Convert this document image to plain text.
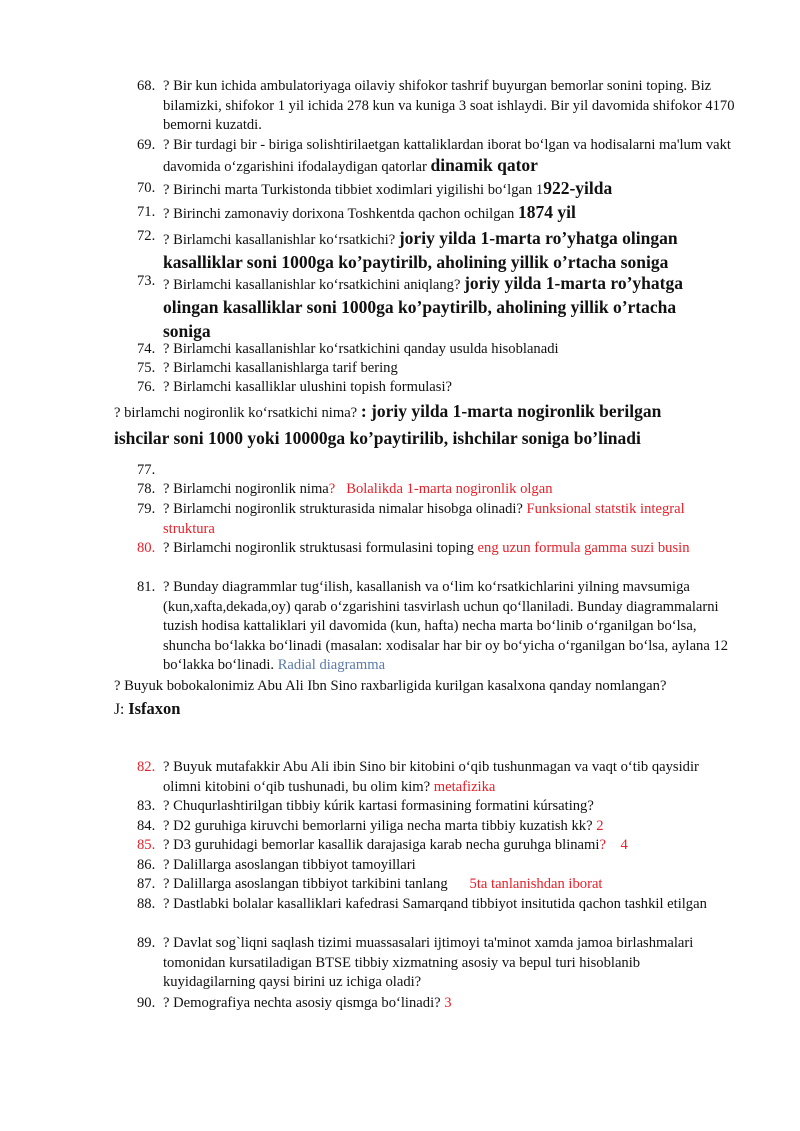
68. ? Bir kun ichida ambulatoriyaga oilaviy shifokor tashrif buyurgan bemorlar sonini toping. Biz bilamizki, shifokor 1 yil ichida 278 kun va kuniga 3 soat ishlaydi. Bir yil davomida shifokor 4170 bemorni kuzatdi.
69. ? Bir turdagi bir - biriga solishtirilaetgan kattaliklardan iborat bo‘lgan va hodisalarni ma'lum vakt davomida o‘zgarishini ifodalaydigan qatorlar dinamik qator
70. ? Birinchi marta Turkistonda tibbiet xodimlari yigilishi bo‘lgan 1922-yilda
71. ? Birinchi zamonaviy dorixona Toshkentda qachon ochilgan 1874 yil
72. ? Birlamchi kasallanishlar ko‘rsatkichi? joriy yilda 1-marta ro’yhatga olingan
kasalliklar soni 1000ga ko’paytirilb, aholining yillik o’rtacha soniga
73. ? Birlamchi kasallanishlar ko‘rsatkichini aniqlang? joriy yilda 1-marta ro’yhatga
olingan kasalliklar soni 1000ga ko’paytirilb, aholining yillik o’rtacha
soniga
74. ? Birlamchi kasallanishlar ko‘rsatkichini qanday usulda hisoblanadi
75. ? Birlamchi kasallanishlarga tarif bering
76. ? Birlamchi kasalliklar ulushini topish formulasi?
? birlamchi nogironlik ko‘rsatkichi nima? : joriy yilda 1-marta nogironlik berilgan
ishcilar soni 1000 yoki 10000ga ko’paytirilib, ishchilar soniga bo’linadi
77.
78. ? Birlamchi nogironlik nima?   Bolalikda 1-marta nogironlik olgan
79. ? Birlamchi nogironlik strukturasida nimalar hisobga olinadi? Funksional statstik integral struktura
80. ? Birlamchi nogironlik struktusasi formulasini toping eng uzun formula gamma suzi busin
81. ? Bunday diagrammlar tug‘ilish, kasallanish va o‘lim ko‘rsatkichlarini yilning mavsumiga (kun,xafta,dekada,oy) qarab o‘zgarishini tasvirlash uchun qo‘llaniladi. Bunday diagrammalarni tuzish hodisa kattaliklari yil davomida (kun, hafta) necha marta bo‘linib o‘rganilgan bo‘lsa, shuncha bo‘lakka bo‘linadi (masalan: xodisalar har bir oy bo‘yicha o‘rganilgan bo‘lsa, aylana 12 bo‘lakka bo‘linadi. Radial diagramma
? Buyuk bobokalonimiz Abu Ali Ibn Sino raxbarligida kurilgan kasalxona qanday nomlangan?
J: Isfaxon
82. ? Buyuk mutafakkir Abu Ali ibin Sino bir kitobini o‘qib tushunmagan va vaqt o‘tib qaysidir olimni kitobini o‘qib tushunadi, bu olim kim? metafizika
83. ? Chuqurlashtirilgan tibbiy kúrik kartasi formasining formatini kúrsating?
84. ? D2 guruhiga kiruvchi bemorlarni yiliga necha marta tibbiy kuzatish kk? 2
85. ? D3 guruhidagi bemorlar kasallik darajasiga karab necha guruhga blinami?    4
86. ? Dalillarga asoslangan tibbiyot tamoyillari
87. ? Dalillarga asoslangan tibbiyot tarkibini tanlang      5ta tanlanishdan iborat
88. ? Dastlabki bolalar kasalliklari kafedrasi Samarqand tibbiyot insitutida qachon tashkil etilgan
89. ? Davlat sog`liqni saqlash tizimi muassasalari ijtimoyi ta'minot xamda jamoa birlashmalari tomonidan kursatiladigan BTSE tibbiy xizmatning asosiy va bepul turi hisoblanib kuyidagilarning qaysi birini uz ichiga oladi?
90. ? Demografiya nechta asosiy qismga bo‘linadi? 3
